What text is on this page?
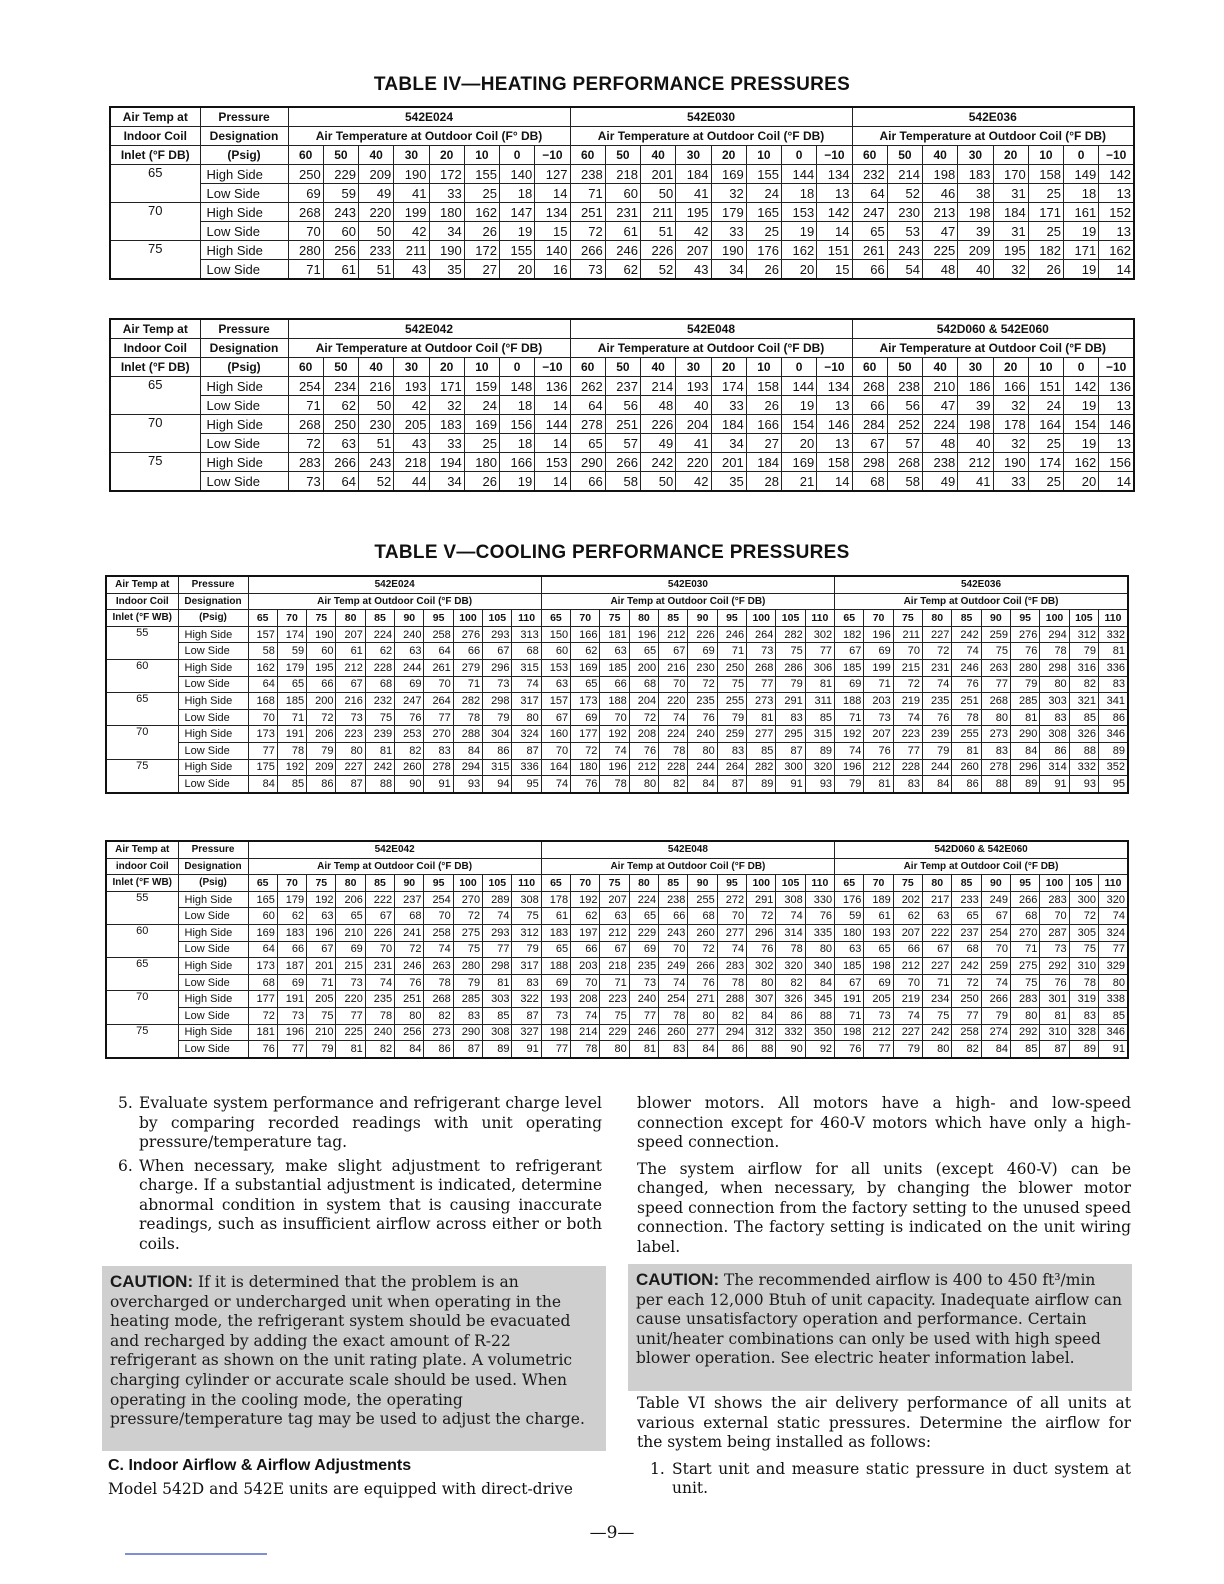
TABLE IV—HEATING PERFORMANCE PRESSURES
Air Temp at	Pressure	542E024								542E030								542E036							
Indoor Coil	Designation	Air Temperature at Outdoor Coil (F° DB)								Air Temperature at Outdoor Coil (°F DB)								Air Temperature at Outdoor Coil (°F DB)							
Inlet (°F DB)	(Psig)	60	50	40	30	20	10	0	−10	60	50	40	30	20	10	0	−10	60	50	40	30	20	10	0	−10
65	High Side	250	229	209	190	172	155	140	127	238	218	201	184	169	155	144	134	232	214	198	183	170	158	149	142
	Low Side	69	59	49	41	33	25	18	14	71	60	50	41	32	24	18	13	64	52	46	38	31	25	18	13
70	High Side	268	243	220	199	180	162	147	134	251	231	211	195	179	165	153	142	247	230	213	198	184	171	161	152
	Low Side	70	60	50	42	34	26	19	15	72	61	51	42	33	25	19	14	65	53	47	39	31	25	19	13
75	High Side	280	256	233	211	190	172	155	140	266	246	226	207	190	176	162	151	261	243	225	209	195	182	171	162
	Low Side	71	61	51	43	35	27	20	16	73	62	52	43	34	26	20	15	66	54	48	40	32	26	19	14
Air Temp at	Pressure	542E042								542E048								542D060 & 542E060							
Indoor Coil	Designation	Air Temperature at Outdoor Coil (°F DB)								Air Temperature at Outdoor Coil (°F DB)								Air Temperature at Outdoor Coil (°F DB)							
Inlet (°F DB)	(Psig)	60	50	40	30	20	10	0	−10	60	50	40	30	20	10	0	−10	60	50	40	30	20	10	0	−10
65	High Side	254	234	216	193	171	159	148	136	262	237	214	193	174	158	144	134	268	238	210	186	166	151	142	136
	Low Side	71	62	50	42	32	24	18	14	64	56	48	40	33	26	19	13	66	56	47	39	32	24	19	13
70	High Side	268	250	230	205	183	169	156	144	278	251	226	204	184	166	154	146	284	252	224	198	178	164	154	146
	Low Side	72	63	51	43	33	25	18	14	65	57	49	41	34	27	20	13	67	57	48	40	32	25	19	13
75	High Side	283	266	243	218	194	180	166	153	290	266	242	220	201	184	169	158	298	268	238	212	190	174	162	156
	Low Side	73	64	52	44	34	26	19	14	66	58	50	42	35	28	21	14	68	58	49	41	33	25	20	14
TABLE V—COOLING PERFORMANCE PRESSURES
Air Temp at	Pressure	542E024										542E030										542E036									
Indoor Coil	Designation	Air Temp at Outdoor Coil (°F DB)										Air Temp at Outdoor Coil (°F DB)										Air Temp at Outdoor Coil (°F DB)									
Inlet (°F WB)	(Psig)	65	70	75	80	85	90	95	100	105	110	65	70	75	80	85	90	95	100	105	110	65	70	75	80	85	90	95	100	105	110
55	High Side	157	174	190	207	224	240	258	276	293	313	150	166	181	196	212	226	246	264	282	302	182	196	211	227	242	259	276	294	312	332
	Low Side	58	59	60	61	62	63	64	66	67	68	60	62	63	65	67	69	71	73	75	77	67	69	70	72	74	75	76	78	79	81
60	High Side	162	179	195	212	228	244	261	279	296	315	153	169	185	200	216	230	250	268	286	306	185	199	215	231	246	263	280	298	316	336
	Low Side	64	65	66	67	68	69	70	71	73	74	63	65	66	68	70	72	75	77	79	81	69	71	72	74	76	77	79	80	82	83
65	High Side	168	185	200	216	232	247	264	282	298	317	157	173	188	204	220	235	255	273	291	311	188	203	219	235	251	268	285	303	321	341
	Low Side	70	71	72	73	75	76	77	78	79	80	67	69	70	72	74	76	79	81	83	85	71	73	74	76	78	80	81	83	85	86
70	High Side	173	191	206	223	239	253	270	288	304	324	160	177	192	208	224	240	259	277	295	315	192	207	223	239	255	273	290	308	326	346
	Low Side	77	78	79	80	81	82	83	84	86	87	70	72	74	76	78	80	83	85	87	89	74	76	77	79	81	83	84	86	88	89
75	High Side	175	192	209	227	242	260	278	294	315	336	164	180	196	212	228	244	264	282	300	320	196	212	228	244	260	278	296	314	332	352
	Low Side	84	85	86	87	88	90	91	93	94	95	74	76	78	80	82	84	87	89	91	93	79	81	83	84	86	88	89	91	93	95
Air Temp at	Pressure	542E042										542E048										542D060 & 542E060									
indoor Coil	Designation	Air Temp at Outdoor Coil (°F DB)										Air Temp at Outdoor Coil (°F DB)										Air Temp at Outdoor Coil (°F DB)									
Inlet (°F WB)	(Psig)	65	70	75	80	85	90	95	100	105	110	65	70	75	80	85	90	95	100	105	110	65	70	75	80	85	90	95	100	105	110
55	High Side	165	179	192	206	222	237	254	270	289	308	178	192	207	224	238	255	272	291	308	330	176	189	202	217	233	249	266	283	300	320
	Low Side	60	62	63	65	67	68	70	72	74	75	61	62	63	65	66	68	70	72	74	76	59	61	62	63	65	67	68	70	72	74
60	High Side	169	183	196	210	226	241	258	275	293	312	183	197	212	229	243	260	277	296	314	335	180	193	207	222	237	254	270	287	305	324
	Low Side	64	66	67	69	70	72	74	75	77	79	65	66	67	69	70	72	74	76	78	80	63	65	66	67	68	70	71	73	75	77
65	High Side	173	187	201	215	231	246	263	280	298	317	188	203	218	235	249	266	283	302	320	340	185	198	212	227	242	259	275	292	310	329
	Low Side	68	69	71	73	74	76	78	79	81	83	69	70	71	73	74	76	78	80	82	84	67	69	70	71	72	74	75	76	78	80
70	High Side	177	191	205	220	235	251	268	285	303	322	193	208	223	240	254	271	288	307	326	345	191	205	219	234	250	266	283	301	319	338
	Low Side	72	73	75	77	78	80	82	83	85	87	73	74	75	77	78	80	82	84	86	88	71	73	74	75	77	79	80	81	83	85
75	High Side	181	196	210	225	240	256	273	290	308	327	198	214	229	246	260	277	294	312	332	350	198	212	227	242	258	274	292	310	328	346
	Low Side	76	77	79	81	82	84	86	87	89	91	77	78	80	81	83	84	86	88	90	92	76	77	79	80	82	84	85	87	89	91

5. Evaluate system performance and refrigerant charge level by comparing recorded readings with unit operating pressure/temperature tag.

6. When necessary, make slight adjustment to refrigerant charge. If a substantial adjustment is indicated, determine abnormal condition in system that is causing inaccurate readings, such as insufficient airflow across either or both coils.

CAUTION: If it is determined that the problem is an overcharged or undercharged unit when operating in the heating mode, the refrigerant system should be evacuated and recharged by adding the exact amount of R-22 refrigerant as shown on the unit rating plate. A volumetric charging cylinder or accurate scale should be used. When operating in the cooling mode, the operating pressure/temperature tag may be used to adjust the charge.
C. Indoor Airflow & Airflow Adjustments
Model 542D and 542E units are equipped with direct-drive

blower motors. All motors have a high- and low-speed connection except for 460-V motors which have only a high-speed connection.

The system airflow for all units (except 460-V) can be changed, when necessary, by changing the blower motor speed connection from the factory setting to the unused speed connection. The factory setting is indicated on the unit wiring label.

CAUTION: The recommended airflow is 400 to 450 ft³/min per each 12,000 Btuh of unit capacity. Inadequate airflow can cause unsatisfactory operation and performance. Certain unit/heater combinations can only be used with high speed blower operation. See electric heater information label.

Table VI shows the air delivery performance of all units at various external static pressures. Determine the airflow for the system being installed as follows:

1. Start unit and measure static pressure in duct system at unit.

—9—
